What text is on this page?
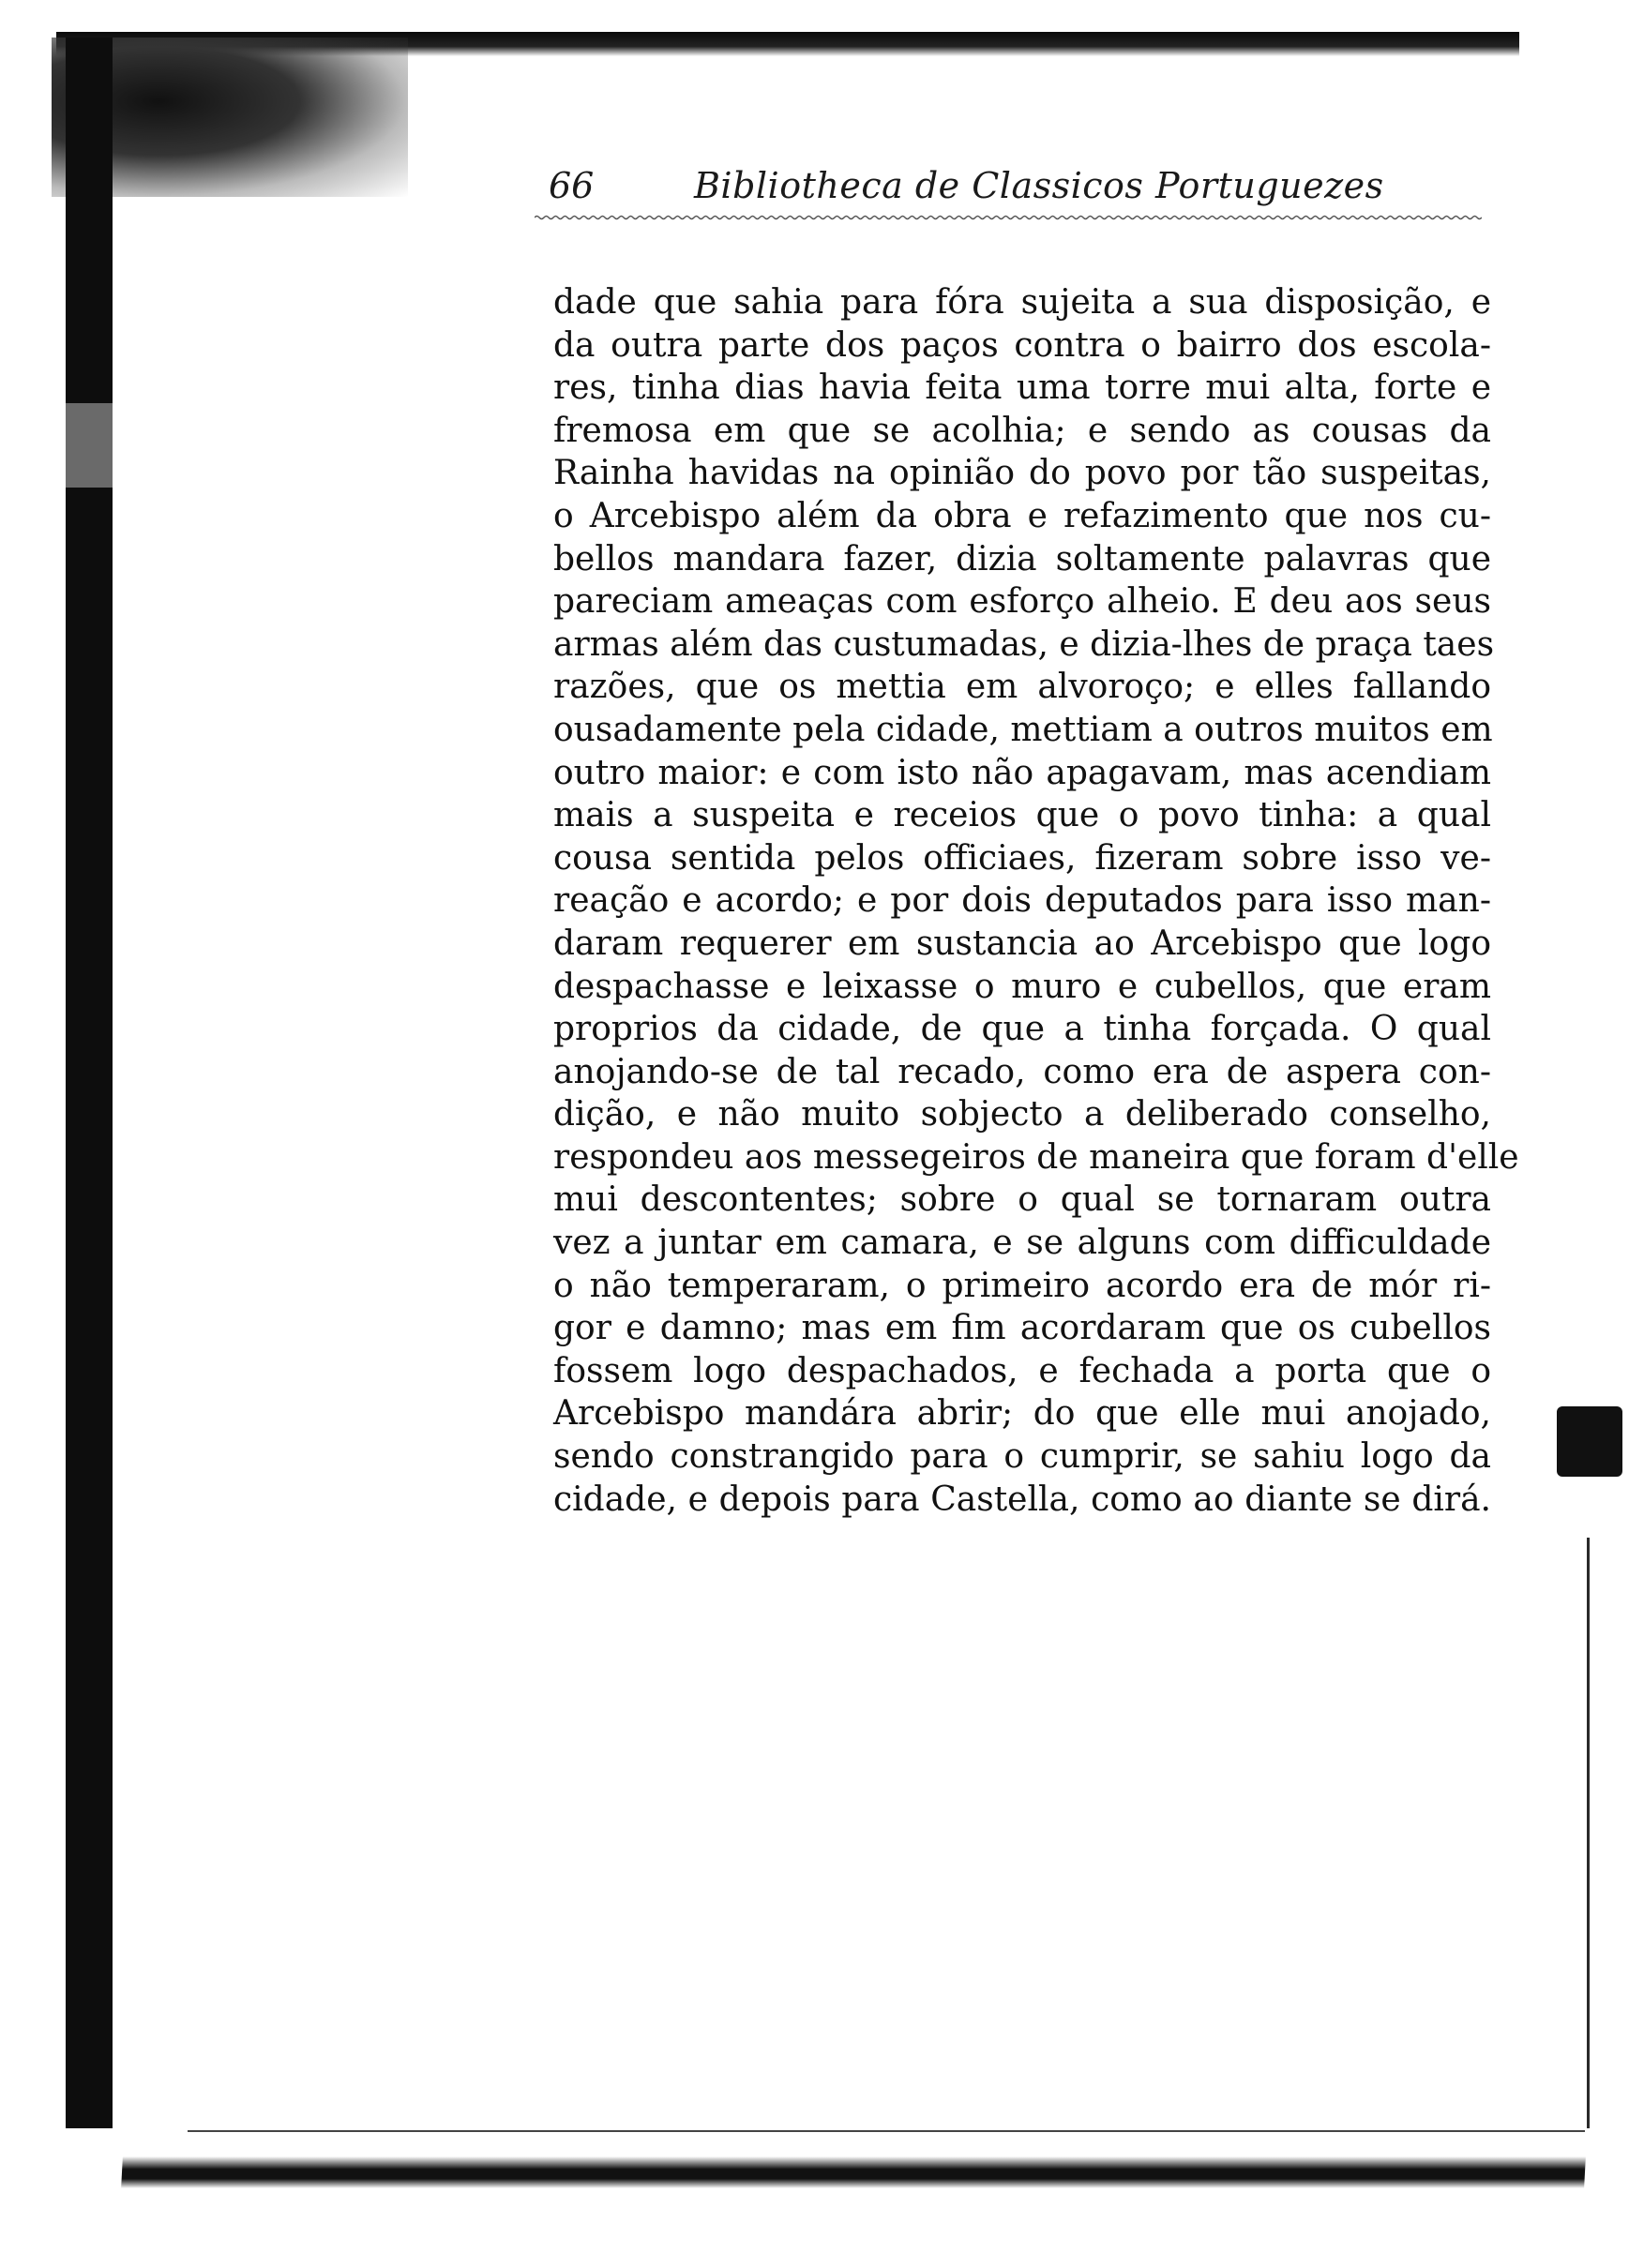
66	Bibliotheca de Classicos Portuguezes
dade que sahia para fóra sujeita a sua disposição, e
da outra parte dos paços contra o bairro dos escola-
res, tinha dias havia feita uma torre mui alta, forte e
fremosa em que se acolhia; e sendo as cousas da
Rainha havidas na opinião do povo por tão suspeitas,
o Arcebispo além da obra e refazimento que nos cu-
bellos mandara fazer, dizia soltamente palavras que
pareciam ameaças com esforço alheio. E deu aos seus
armas além das custumadas, e dizia-lhes de praça taes
razões, que os mettia em alvoroço; e elles fallando
ousadamente pela cidade, mettiam a outros muitos em
outro maior: e com isto não apagavam, mas acendiam
mais a suspeita e receios que o povo tinha: a qual
cousa sentida pelos officiaes, fizeram sobre isso ve-
reação e acordo; e por dois deputados para isso man-
daram requerer em sustancia ao Arcebispo que logo
despachasse e leixasse o muro e cubellos, que eram
proprios da cidade, de que a tinha forçada. O qual
anojando-se de tal recado, como era de aspera con-
dição, e não muito sobjecto a deliberado conselho,
respondeu aos messegeiros de maneira que foram d'elle
mui descontentes; sobre o qual se tornaram outra
vez a juntar em camara, e se alguns com difficuldade
o não temperaram, o primeiro acordo era de mór ri-
gor e damno; mas em fim acordaram que os cubellos
fossem logo despachados, e fechada a porta que o
Arcebispo mandára abrir; do que elle mui anojado,
sendo constrangido para o cumprir, se sahiu logo da
cidade, e depois para Castella, como ao diante se dirá.
